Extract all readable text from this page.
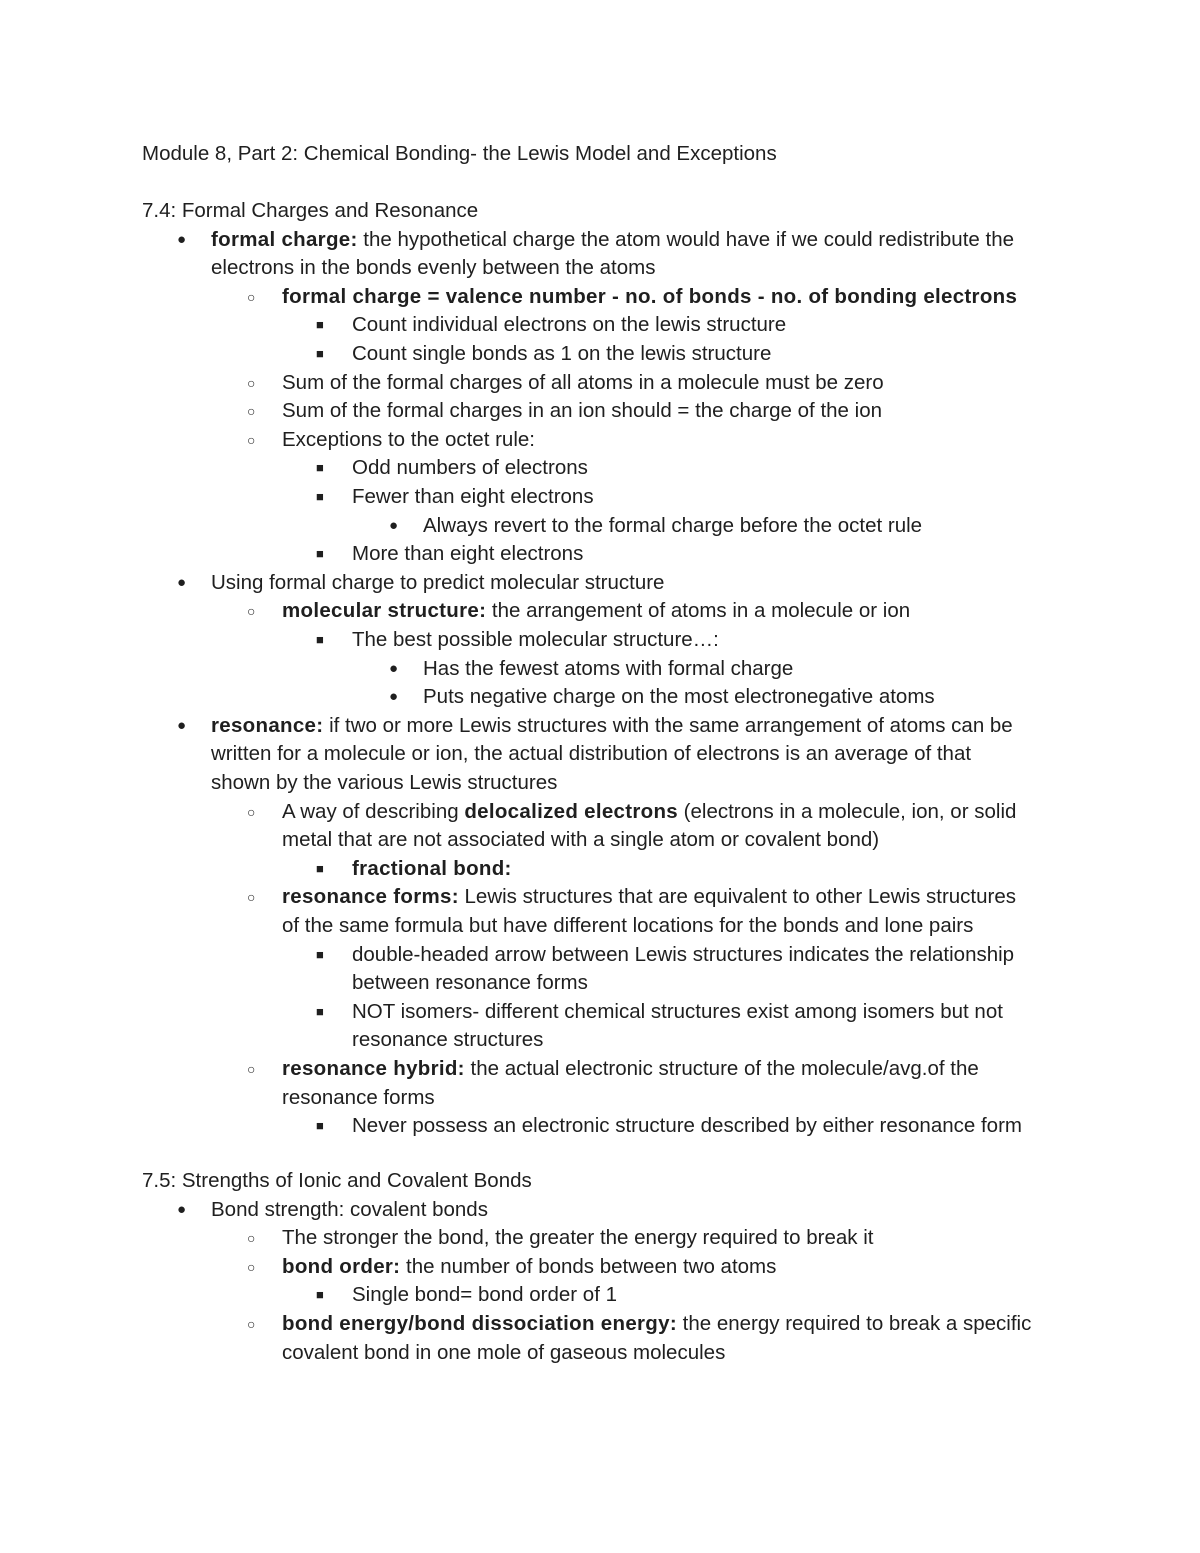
Module 8, Part 2: Chemical Bonding- the Lewis Model and Exceptions
7.4: Formal Charges and Resonance
● formal charge: the hypothetical charge the atom would have if we could redistribute the
electrons in the bonds evenly between the atoms
○ formal charge = valence number - no. of bonds - no. of bonding electrons
■ Count individual electrons on the lewis structure
■ Count single bonds as 1 on the lewis structure
○ Sum of the formal charges of all atoms in a molecule must be zero
○ Sum of the formal charges in an ion should = the charge of the ion
○ Exceptions to the octet rule:
■ Odd numbers of electrons
■ Fewer than eight electrons
● Always revert to the formal charge before the octet rule
■ More than eight electrons
● Using formal charge to predict molecular structure
○ molecular structure: the arrangement of atoms in a molecule or ion
■ The best possible molecular structure…:
● Has the fewest atoms with formal charge
● Puts negative charge on the most electronegative atoms
● resonance: if two or more Lewis structures with the same arrangement of atoms can be
written for a molecule or ion, the actual distribution of electrons is an average of that
shown by the various Lewis structures
○ A way of describing delocalized electrons (electrons in a molecule, ion, or solid
metal that are not associated with a single atom or covalent bond)
■ fractional bond:
○ resonance forms: Lewis structures that are equivalent to other Lewis structures
of the same formula but have different locations for the bonds and lone pairs
■ double-headed arrow between Lewis structures indicates the relationship
between resonance forms
■ NOT isomers- different chemical structures exist among isomers but not
resonance structures
○ resonance hybrid: the actual electronic structure of the molecule/avg.of the
resonance forms
■ Never possess an electronic structure described by either resonance form
7.5: Strengths of Ionic and Covalent Bonds
● Bond strength: covalent bonds
○ The stronger the bond, the greater the energy required to break it
○ bond order: the number of bonds between two atoms
■ Single bond= bond order of 1
○ bond energy/bond dissociation energy: the energy required to break a specific
covalent bond in one mole of gaseous molecules
